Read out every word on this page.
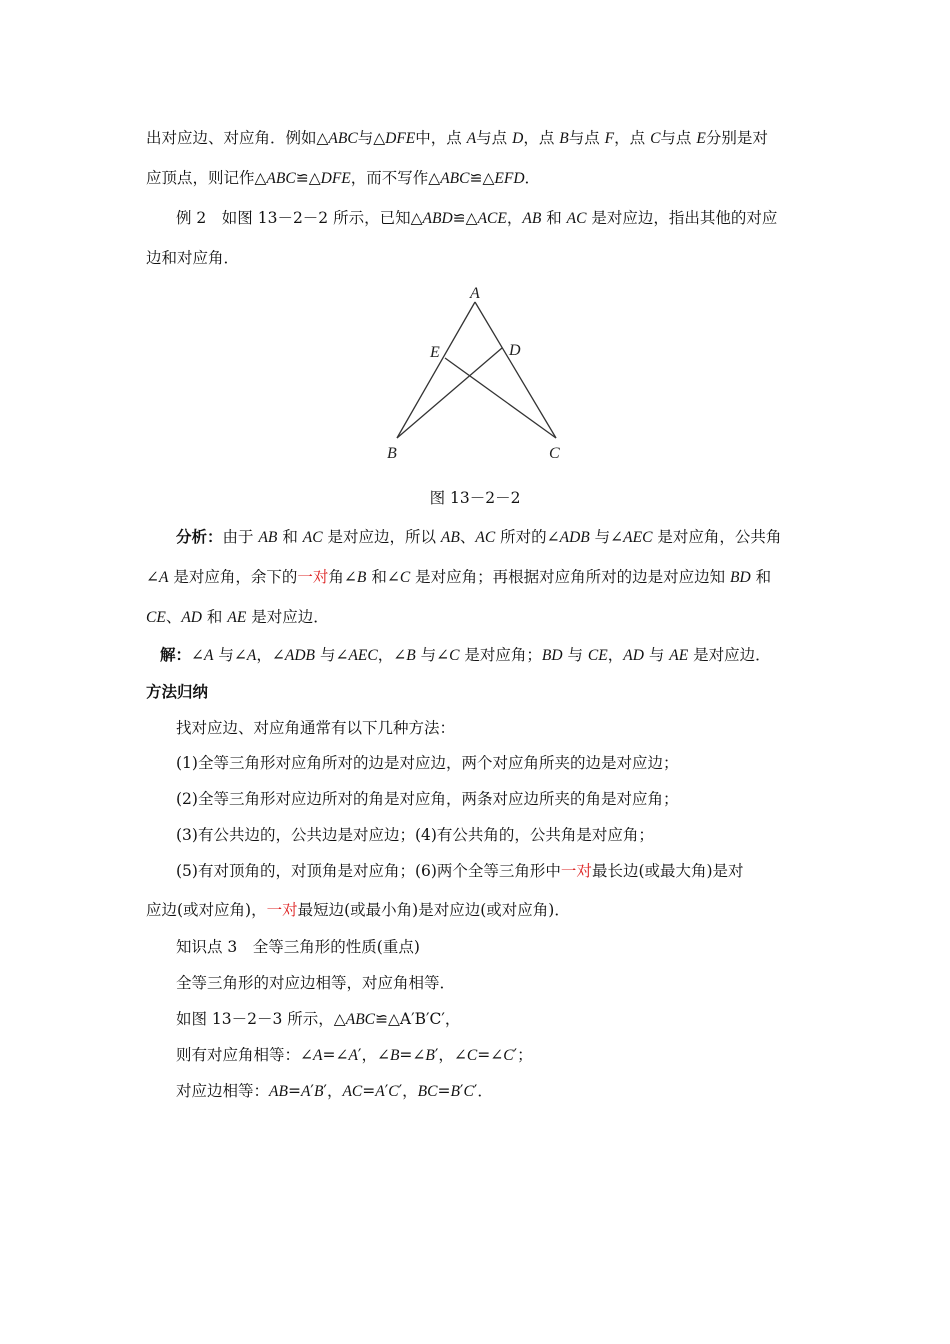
出对应边、对应角．例如△ABC与△DFE中，点 A与点 D，点 B与点 F，点 C与点 E分别是对
应顶点，则记作△ABC≌△DFE，而不写作△ABC≌△EFD．
例 2　如图 13－2－2 所示，已知△ABD≌△ACE，AB 和 AC 是对应边，指出其他的对应
边和对应角．
A
E	D
B	C
图 13－2－2
分析：由于 AB 和 AC 是对应边，所以 AB、AC 所对的∠ADB 与∠AEC 是对应角，公共角
∠A 是对应角，余下的一对角∠B 和∠C 是对应角；再根据对应角所对的边是对应边知 BD 和
CE、AD 和 AE 是对应边．
解：∠A 与∠A，∠ADB 与∠AEC，∠B 与∠C 是对应角；BD 与 CE，AD 与 AE 是对应边．
方法归纳
找对应边、对应角通常有以下几种方法：
(1)全等三角形对应角所对的边是对应边，两个对应角所夹的边是对应边；
(2)全等三角形对应边所对的角是对应角，两条对应边所夹的角是对应角；
(3)有公共边的，公共边是对应边；(4)有公共角的，公共角是对应角；
(5)有对顶角的，对顶角是对应角；(6)两个全等三角形中一对最长边(或最大角)是对
应边(或对应角)，一对最短边(或最小角)是对应边(或对应角)．
知识点 3　全等三角形的性质(重点)
全等三角形的对应边相等，对应角相等．
如图 13－2－3 所示，△ABC≌△A′B′C′，
则有对应角相等：∠A=∠A′，∠B=∠B′，∠C=∠C′；
对应边相等：AB=A′B′，AC=A′C′，BC=B′C′．
